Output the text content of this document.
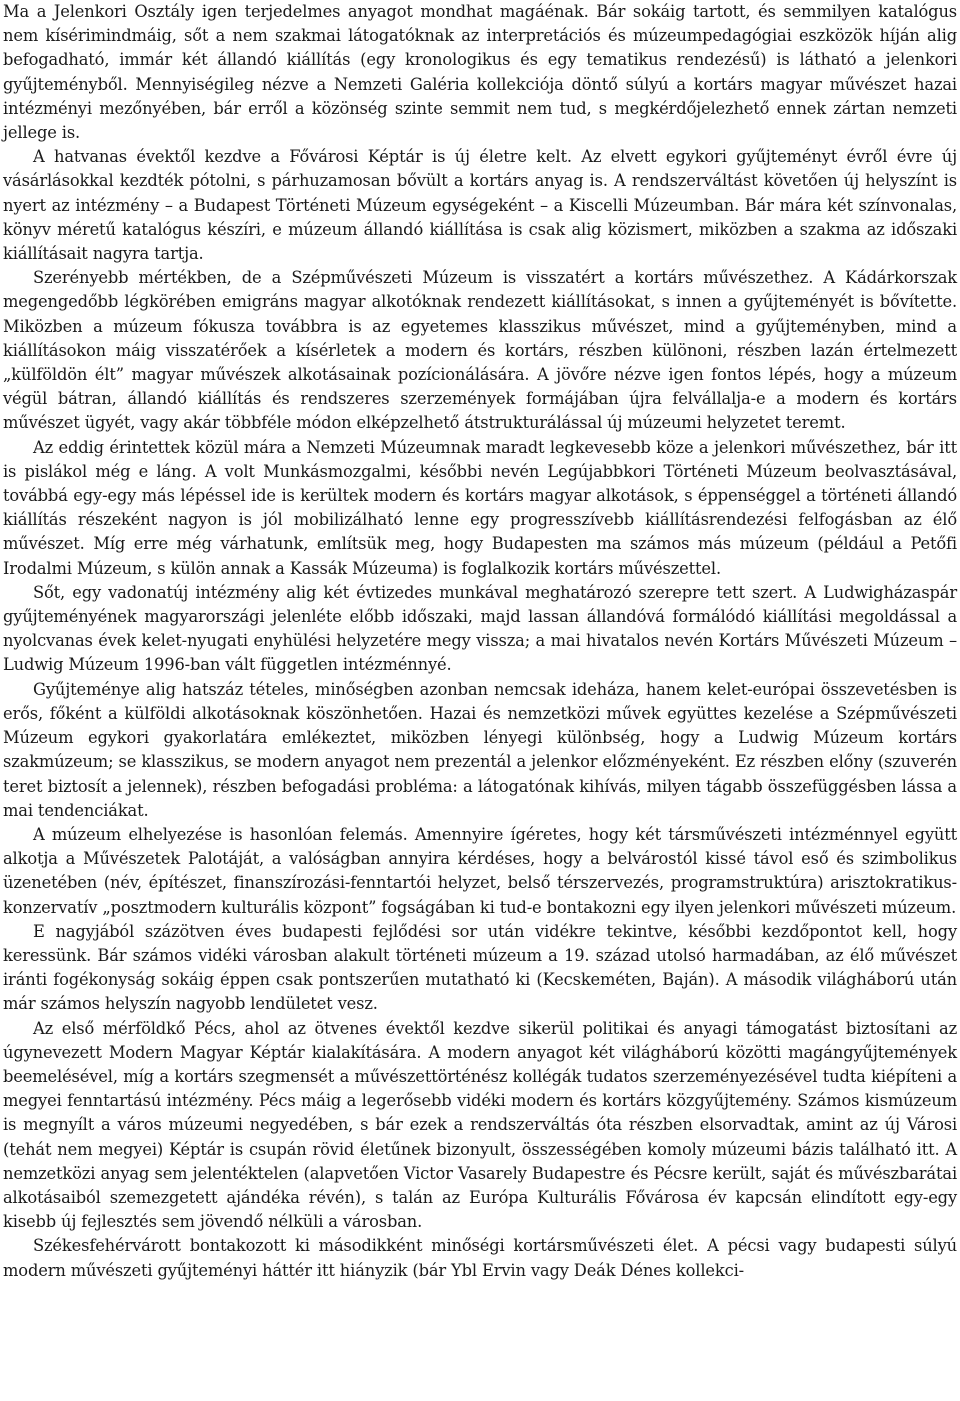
Ma a Jelenkori Osztály igen terjedelmes anyagot mondhat magáénak. Bár sokáig tartott, és semmilyen katalógus nem kísérimindmáig, sőt a nem szakmai látogatóknak az interpretációs és múzeumpedagógiai eszközök híján alig befogadható, immár két állandó kiállítás (egy kronologikus és egy tematikus rendezésű) is látható a jelenkori gyűjteményből. Mennyiségileg nézve a Nemzeti Galéria kollekciója döntő súlyú a kortárs magyar művészet hazai intézményi mezőnyében, bár erről a közönség szinte semmit nem tud, s megkérdőjelezhető ennek zártan nemzeti jellege is.

A hatvanas évektől kezdve a Fővárosi Képtár is új életre kelt. Az elvett egykori gyűjteményt évről évre új vásárlásokkal kezdték pótolni, s párhuzamosan bővült a kortárs anyag is. A rendszerváltást követően új helyszínt is nyert az intézmény – a Budapest Történeti Múzeum egységeként – a Kiscelli Múzeumban. Bár mára két színvonalas, könyv méretű katalógus készíri, e múzeum állandó kiállítása is csak alig közismert, miközben a szakma az időszaki kiállításait nagyra tartja.

Szerényebb mértékben, de a Szépművészeti Múzeum is visszatért a kortárs művészethez. A Kádárkorszak megengedőbb légkörében emigráns magyar alkotóknak rendezett kiállításokat, s innen a gyűjteményét is bővítette. Miközben a múzeum fókusza továbbra is az egyetemes klasszikus művészet, mind a gyűjteményben, mind a kiállításokon máig visszatérőek a kísérletek a modern és kortárs, részben különoni, részben lazán értelmezett „külföldön élt” magyar művészek alkotásainak pozícionálására. A jövőre nézve igen fontos lépés, hogy a múzeum végül bátran, állandó kiállítás és rendszeres szerzemények formájában újra felvállalja-e a modern és kortárs művészet ügyét, vagy akár többféle módon elképzelhető átstrukturálással új múzeumi helyzetet teremt.

Az eddig érintettek közül mára a Nemzeti Múzeumnak maradt legkevesebb köze a jelenkori művészethez, bár itt is pislákol még e láng. A volt Munkásmozgalmi, későbbi nevén Legújabbkori Történeti Múzeum beolvasztásával, továbbá egy-egy más lépéssel ide is kerültek modern és kortárs magyar alkotások, s éppenséggel a történeti állandó kiállítás részeként nagyon is jól mobilizálható lenne egy progresszívebb kiállításrendezési felfogásban az élő művészet. Míg erre még várhatunk, említsük meg, hogy Budapesten ma számos más múzeum (például a Petőfi Irodalmi Múzeum, s külön annak a Kassák Múzeuma) is foglalkozik kortárs művészettel.

Sőt, egy vadonatúj intézmény alig két évtizedes munkával meghatározó szerepre tett szert. A Ludwigházaspár gyűjteményének magyarországi jelenléte előbb időszaki, majd lassan állandóvá formálódó kiállítási megoldással a nyolcvanas évek kelet-nyugati enyhülési helyzetére megy vissza; a mai hivatalos nevén Kortárs Művészeti Múzeum – Ludwig Múzeum 1996-ban vált független intézménnyé.

Gyűjteménye alig hatszáz tételes, minőségben azonban nemcsak ideháza, hanem kelet-európai összevetésben is erős, főként a külföldi alkotásoknak köszönhetően. Hazai és nemzetközi művek együttes kezelése a Szépművészeti Múzeum egykori gyakorlatára emlékeztet, miközben lényegi különbség, hogy a Ludwig Múzeum kortárs szakmúzeum; se klasszikus, se modern anyagot nem prezentál a jelenkor előzményeként. Ez részben előny (szuverén teret biztosít a jelennek), részben befogadási probléma: a látogatónak kihívás, milyen tágabb összefüggésben lássa a mai tendenciákat.

A múzeum elhelyezése is hasonlóan felemás. Amennyire ígéretes, hogy két társművészeti intézménnyel együtt alkotja a Művészetek Palotáját, a valóságban annyira kérdéses, hogy a belvárostól kissé távol eső és szimbolikus üzenetében (név, építészet, finanszírozási-fenntartói helyzet, belső térszervezés, programstruktúra) arisztokratikus-konzervatív „posztmodern kulturális központ” fogságában ki tud-e bontakozni egy ilyen jelenkori művészeti múzeum.

E nagyjából százötven éves budapesti fejlődési sor után vidékre tekintve, későbbi kezdőpontot kell, hogy keressünk. Bár számos vidéki városban alakult történeti múzeum a 19. század utolsó harmadában, az élő művészet iránti fogékonyság sokáig éppen csak pontszerűen mutatható ki (Kecskeméten, Baján). A második világháború után már számos helyszín nagyobb lendületet vesz.

Az első mérföldkő Pécs, ahol az ötvenes évektől kezdve sikerül politikai és anyagi támogatást biztosítani az úgynevezett Modern Magyar Képtár kialakítására. A modern anyagot két világháború közötti magángyűjtemények beemelésével, míg a kortárs szegmensét a művészettörténész kollégák tudatos szerzeményezésével tudta kiépíteni a megyei fenntartású intézmény. Pécs máig a legerősebb vidéki modern és kortárs közgyűjtemény. Számos kismúzeum is megnyílt a város múzeumi negyedében, s bár ezek a rendszerváltás óta részben elsorvadtak, amint az új Városi (tehát nem megyei) Képtár is csupán rövid életűnek bizonyult, összességében komoly múzeumi bázis található itt. A nemzetközi anyag sem jelentéktelen (alapvetően Victor Vasarely Budapestre és Pécsre került, saját és művészbarátai alkotásaiból szemezgetett ajándéka révén), s talán az Európa Kulturális Fővárosa év kapcsán elindított egy-egy kisebb új fejlesztés sem jövendő nélküli a városban.

Székesfehérvárott bontakozott ki másodikként minőségi kortársművészeti élet. A pécsi vagy budapesti súlyú modern művészeti gyűjteményi háttér itt hiányzik (bár Ybl Ervin vagy Deák Dénes kollekci-
